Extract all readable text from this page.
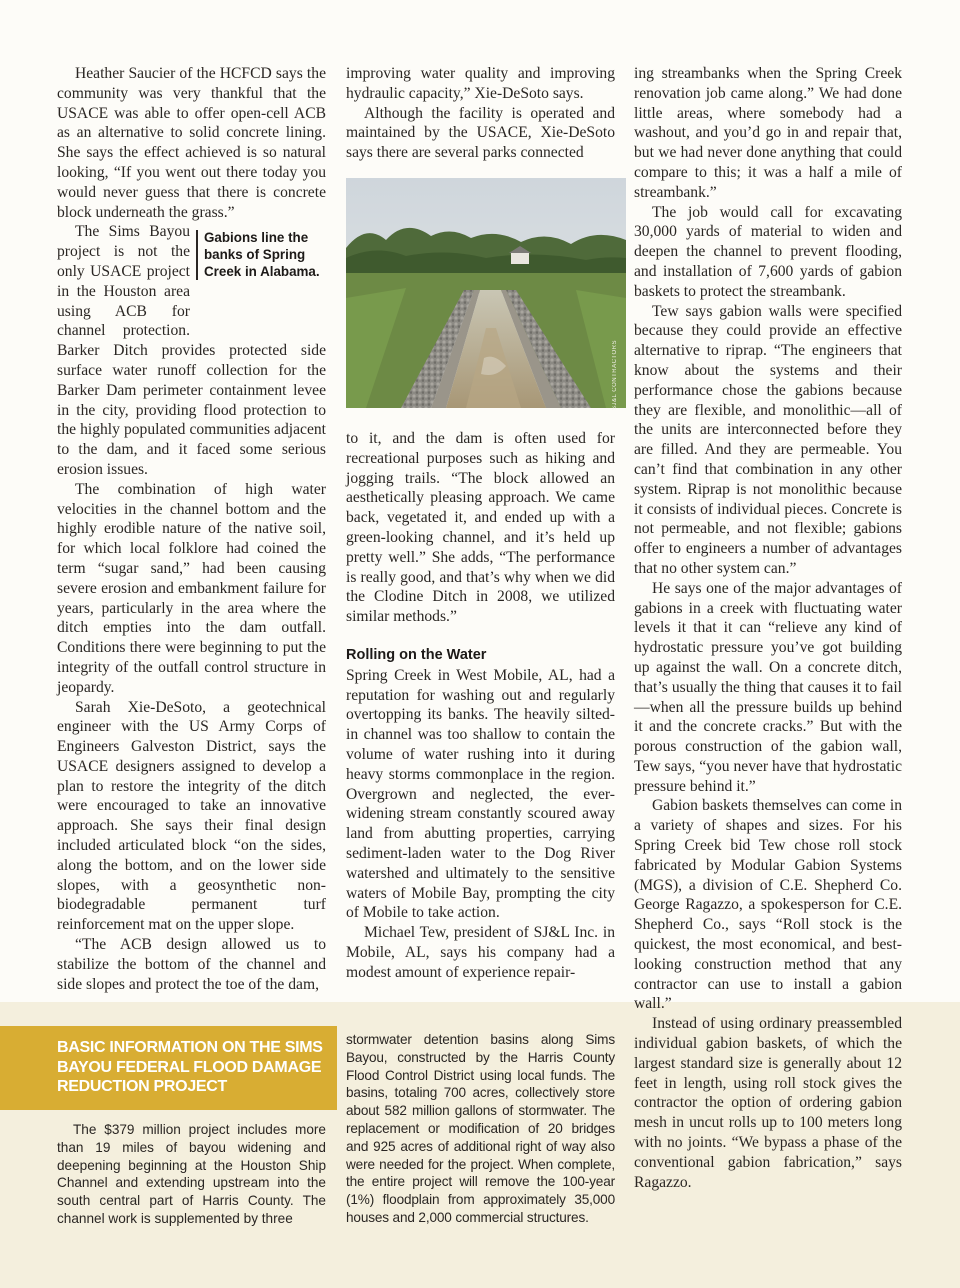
Heather Saucier of the HCFCD says the community was very thankful that the USACE was able to offer open-cell ACB as an alternative to solid concrete lining. She says the effect achieved is so natural looking, “If you went out there today you would never guess that there is concrete block underneath the grass.”

Gabions line the banks of Spring Creek in Alabama.

The Sims Bayou project is not the only USACE project in the Houston area using ACB for channel protection. Barker Ditch provides protected side surface water runoff collection for the Barker Dam perimeter containment levee in the city, providing flood protection to the highly populated communities adjacent to the dam, and it faced some serious erosion issues.

The combination of high water velocities in the channel bottom and the highly erodible nature of the native soil, for which local folklore had coined the term “sugar sand,” had been causing severe erosion and embankment failure for years, particularly in the area where the ditch empties into the dam outfall. Conditions there were beginning to put the integrity of the outfall control structure in jeopardy.

Sarah Xie-DeSoto, a geotechnical engineer with the US Army Corps of Engineers Galveston District, says the USACE designers assigned to develop a plan to restore the integrity of the ditch were encouraged to take an innovative approach. She says their final design included articulated block “on the sides, along the bottom, and on the lower side slopes, with a geosynthetic non-biodegradable permanent turf reinforcement mat on the upper slope.

“The ACB design allowed us to stabilize the bottom of the channel and side slopes and protect the toe of the dam,

improving water quality and improving hydraulic capacity,” Xie-DeSoto says.

Although the facility is operated and maintained by the USACE, Xie-DeSoto says there are several parks connected

to it, and the dam is often used for recreational purposes such as hiking and jogging trails. “The block allowed an aesthetically pleasing approach. We came back, vegetated it, and ended up with a green-looking channel, and it’s held up pretty well.” She adds, “The performance is really good, and that’s why when we did the Clodine Ditch in 2008, we utilized similar methods.”

Rolling on the Water

Spring Creek in West Mobile, AL, had a reputation for washing out and regularly overtopping its banks. The heavily silted-in channel was too shallow to contain the volume of water rushing into it during heavy storms commonplace in the region. Overgrown and neglected, the ever-widening stream constantly scoured away land from abutting properties, carrying sediment-laden water to the Dog River watershed and ultimately to the sensitive waters of Mobile Bay, prompting the city of Mobile to take action.

Michael Tew, president of SJ&L Inc. in Mobile, AL, says his company had a modest amount of experience repair-

SJ&L CONTRACTORS

ing streambanks when the Spring Creek renovation job came along.” We had done little areas, where somebody had a washout, and you’d go in and repair that, but we had never done anything that could compare to this; it was a half a mile of streambank.”

The job would call for excavating 30,000 yards of material to widen and deepen the channel to prevent flooding, and installation of 7,600 yards of gabion baskets to protect the streambank.

Tew says gabion walls were specified because they could provide an effective alternative to riprap. “The engineers that know about the systems and their performance chose the gabions because they are flexible, and monolithic—all of the units are interconnected before they are filled. And they are permeable. You can’t find that combination in any other system. Riprap is not monolithic because it consists of individual pieces. Concrete is not permeable, and not flexible; gabions offer to engineers a number of advantages that no other system can.”

He says one of the major advantages of gabions in a creek with fluctuating water levels it that it can “relieve any kind of hydrostatic pressure you’ve got building up against the wall. On a concrete ditch, that’s usually the thing that causes it to fail—when all the pressure builds up behind it and the concrete cracks.” But with the porous construction of the gabion wall, Tew says, “you never have that hydrostatic pressure behind it.”

Gabion baskets themselves can come in a variety of shapes and sizes. For his Spring Creek bid Tew chose roll stock fabricated by Modular Gabion Systems (MGS), a division of C.E. Shepherd Co. George Ragazzo, a spokesperson for C.E. Shepherd Co., says “Roll stock is the quickest, the most economical, and best-looking construction method that any contractor can use to install a gabion wall.”

Instead of using ordinary preassembled individual gabion baskets, of which the largest standard size is generally about 12 feet in length, using roll stock gives the contractor the option of ordering gabion mesh in uncut rolls up to 100 meters long with no joints. “We bypass a phase of the conventional gabion fabrication,” says Ragazzo.

BASIC INFORMATION ON THE SIMS BAYOU FEDERAL FLOOD DAMAGE REDUCTION PROJECT
The $379 million project includes more than 19 miles of bayou widening and deepening beginning at the Houston Ship Channel and extending upstream into the south central part of Harris County. The channel work is supplemented by three
stormwater detention basins along Sims Bayou, constructed by the Harris County Flood Control District using local funds. The basins, totaling 700 acres, collectively store about 582 million gallons of stormwater. The replacement or modification of 20 bridges and 925 acres of additional right of way also were needed for the project. When complete, the entire project will remove the 100-year (1%) floodplain from approximately 35,000 houses and 2,000 commercial structures.
